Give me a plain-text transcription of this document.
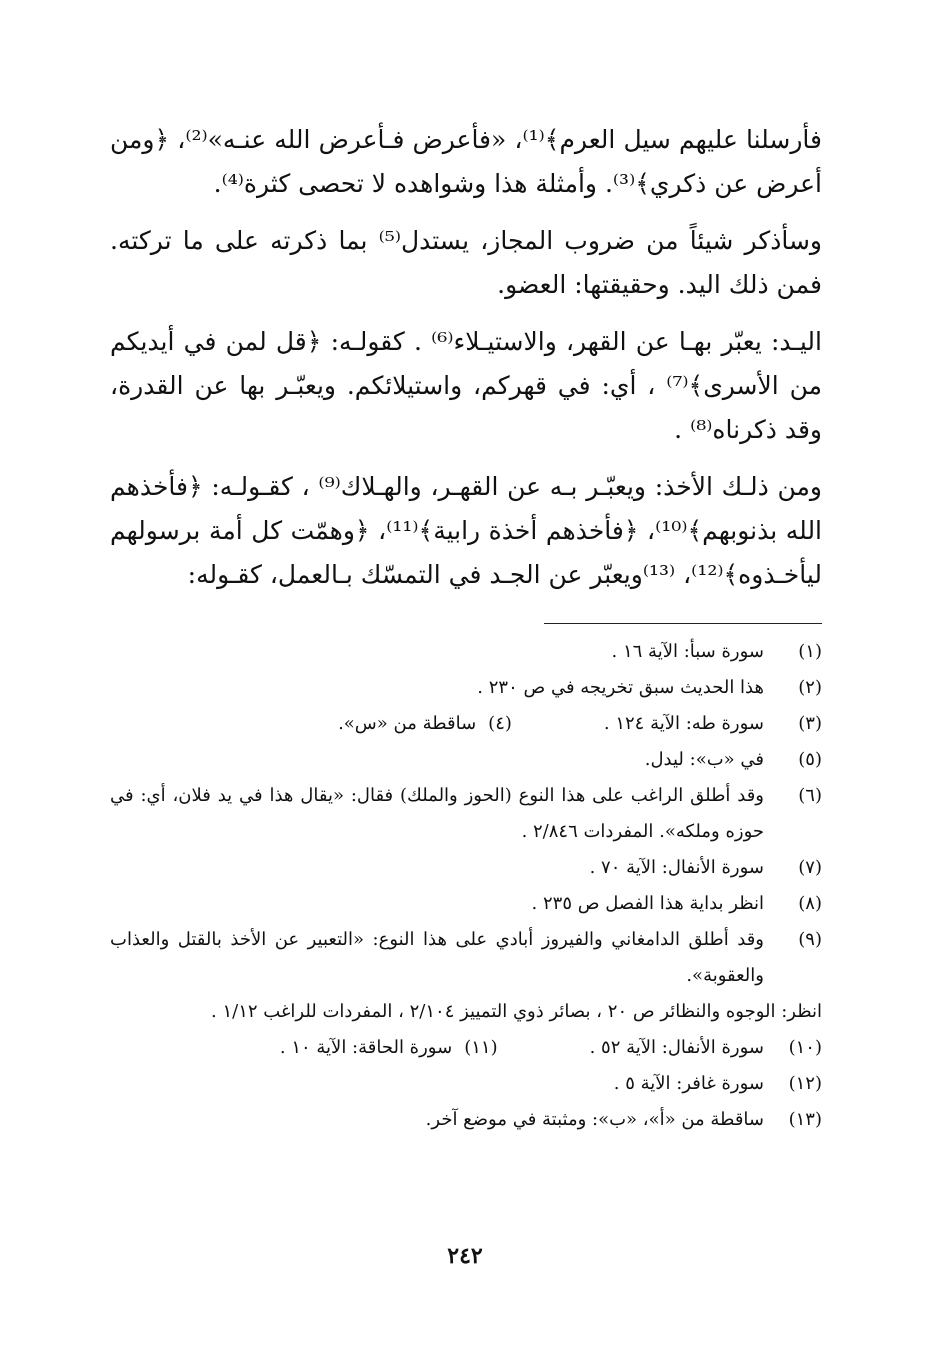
فأرسلنا عليهم سيل العرم﴾⁽¹⁾، «فأعرض فـأعرض الله عنـه»⁽²⁾، ﴿ومن أعرض عن ذكري﴾⁽³⁾. وأمثلة هذا وشواهده لا تحصى كثرة⁽⁴⁾.

وسأذكر شيئاً من ضروب المجاز، يستدل⁽⁵⁾ بما ذكرته على ما تركته. فمن ذلك اليد. وحقيقتها: العضو.

اليـد: يعبّر بهـا عن القهر، والاستيـلاء⁽⁶⁾ . كقولـه: ﴿قل لمن في أيديكم من الأسرى﴾⁽⁷⁾ ، أي: في قهركم، واستيلائكم. ويعبّـر بها عن القدرة، وقد ذكرناه⁽⁸⁾ .

ومن ذلـك الأخذ: ويعبّـر بـه عن القهـر، والهـلاك⁽⁹⁾ ، كقـولـه: ﴿فأخذهم الله بذنوبهم﴾⁽¹⁰⁾، ﴿فأخذهم أخذة رابية﴾⁽¹¹⁾، ﴿وهمّت كل أمة برسولهم ليأخـذوه﴾⁽¹²⁾، ⁽¹³⁾ويعبّر عن الجـد في التمسّك بـالعمل، كقـوله:

(١)
سورة سبأ: الآية ١٦ .
(٢)
هذا الحديث سبق تخريجه في ص ٢٣٠ .
(٣)
سورة طه: الآية ١٢٤ .
(٤)
ساقطة من «س».
(٥)
في «ب»: ليدل.
(٦)
وقد أطلق الراغب على هذا النوع (الحوز والملك) فقال: «يقال هذا في يد فلان، أي: في حوزه وملكه». المفردات ٢/٨٤٦ .
(٧)
سورة الأنفال: الآية ٧٠ .
(٨)
انظر بداية هذا الفصل ص ٢٣٥ .
(٩)
وقد أطلق الدامغاني والفيروز أبادي على هذا النوع: «التعبير عن الأخذ بالقتل والعذاب والعقوبة».
انظر: الوجوه والنظائر ص ٢٠ ، بصائر ذوي التمييز ٢/١٠٤ ، المفردات للراغب ١/١٢ .
(١٠)
سورة الأنفال: الآية ٥٢ .
(١١)
سورة الحاقة: الآية ١٠ .
(١٢)
سورة غافر: الآية ٥ .
(١٣)
ساقطة من «أ»، «ب»: ومثبتة في موضع آخر.
٢٤٢
